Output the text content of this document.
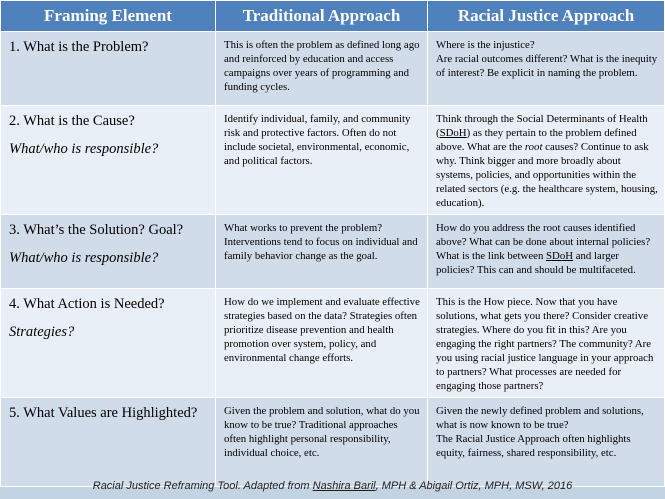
Framing Element	Traditional Approach	Racial Justice Approach

1. What is the Problem?	This is often the problem as defined long ago and reinforced by education and access campaigns over years of programming and funding cycles.	Where is the injustice?
Are racial outcomes different? What is the inequity of interest? Be explicit in naming the problem.

2. What is the Cause?
What/who is responsible?	Identify individual, family, and community risk and protective factors. Often do not include societal, environmental, economic, and political factors.	Think through the Social Determinants of Health (SDoH) as they pertain to the problem defined above. What are the root causes? Continue to ask why. Think bigger and more broadly about systems, policies, and opportunities within the related sectors (e.g. the healthcare system, housing, education).

3. What’s the Solution? Goal?
What/who is responsible?	What works to prevent the problem? Interventions tend to focus on individual and family behavior change as the goal.	How do you address the root causes identified above? What can be done about internal policies? What is the link between SDoH and larger policies? This can and should be multifaceted.

4. What Action is Needed?
Strategies?	How do we implement and evaluate effective strategies based on the data? Strategies often prioritize disease prevention and health promotion over system, policy, and environmental change efforts.	This is the How piece. Now that you have solutions, what gets you there? Consider creative strategies. Where do you fit in this? Are you engaging the right partners? The community? Are you using racial justice language in your approach to partners? What processes are needed for engaging those partners?

5. What Values are Highlighted?	Given the problem and solution, what do you know to be true? Traditional approaches often highlight personal responsibility, individual choice, etc.	Given the newly defined problem and solutions, what is now known to be true?
The Racial Justice Approach often highlights equity, fairness, shared responsibility, etc.
Racial Justice Reframing Tool. Adapted from Nashira Baril, MPH & Abigail Ortiz, MPH, MSW, 2016
